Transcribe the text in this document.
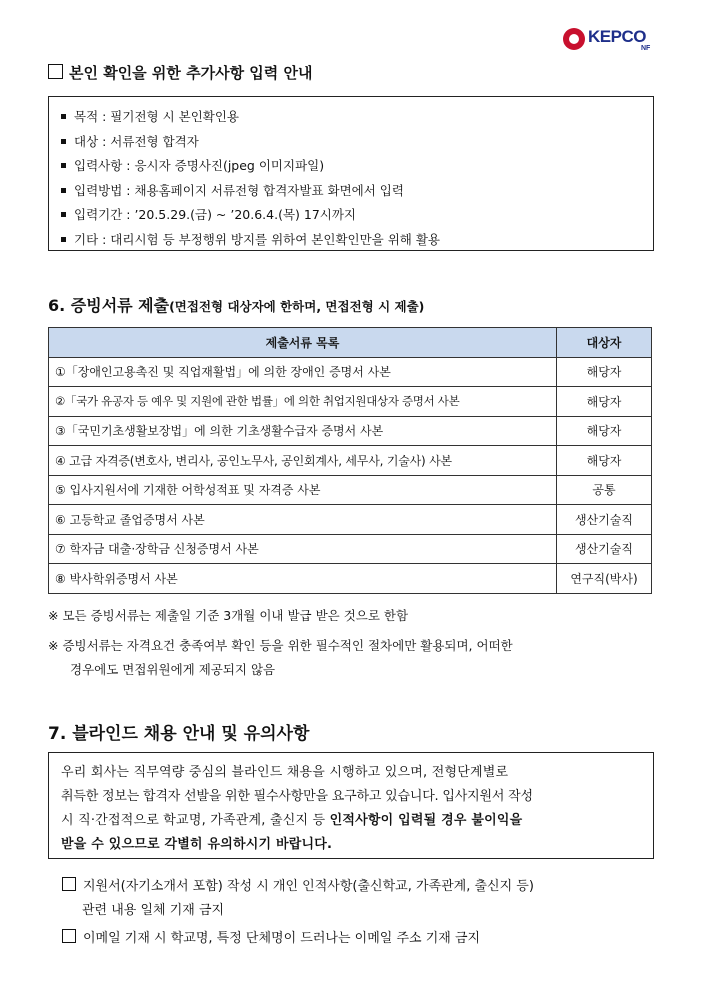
KEPCO
NF
본인 확인을 위한 추가사항 입력 안내
목적 : 필기전형 시 본인확인용
대상 : 서류전형 합격자
입력사항 : 응시자 증명사진(jpeg 이미지파일)
입력방법 : 채용홈페이지 서류전형 합격자발표 화면에서 입력
입력기간 : ’20.5.29.(금) ~ ’20.6.4.(목) 17시까지
기타 : 대리시험 등 부정행위 방지를 위하여 본인확인만을 위해 활용
6. 증빙서류 제출(면접전형 대상자에 한하며, 면접전형 시 제출)
제출서류 목록	대상자
①「장애인고용촉진 및 직업재활법」에 의한 장애인 증명서 사본	해당자
②「국가 유공자 등 예우 및 지원에 관한 법률」에 의한 취업지원대상자 증명서 사본	해당자
③「국민기초생활보장법」에 의한 기초생활수급자 증명서 사본	해당자
④ 고급 자격증(변호사, 변리사, 공인노무사, 공인회계사, 세무사, 기술사) 사본	해당자
⑤ 입사지원서에 기재한 어학성적표 및 자격증 사본	공통
⑥ 고등학교 졸업증명서 사본	생산기술직
⑦ 학자금 대출·장학금 신청증명서 사본	생산기술직
⑧ 박사학위증명서 사본	연구직(박사)
※ 모든 증빙서류는 제출일 기준 3개월 이내 발급 받은 것으로 한함
※ 증빙서류는 자격요건 충족여부 확인 등을 위한 필수적인 절차에만 활용되며, 어떠한
경우에도 면접위원에게 제공되지 않음
7. 블라인드 채용 안내 및 유의사항
우리 회사는 직무역량 중심의 블라인드 채용을 시행하고 있으며, 전형단계별로
취득한 정보는 합격자 선발을 위한 필수사항만을 요구하고 있습니다. 입사지원서 작성
시 직·간접적으로 학교명, 가족관계, 출신지 등 인적사항이 입력될 경우 불이익을
받을 수 있으므로 각별히 유의하시기 바랍니다.
지원서(자기소개서 포함) 작성 시 개인 인적사항(출신학교, 가족관계, 출신지 등)
관련 내용 일체 기재 금지
이메일 기재 시 학교명, 특정 단체명이 드러나는 이메일 주소 기재 금지
